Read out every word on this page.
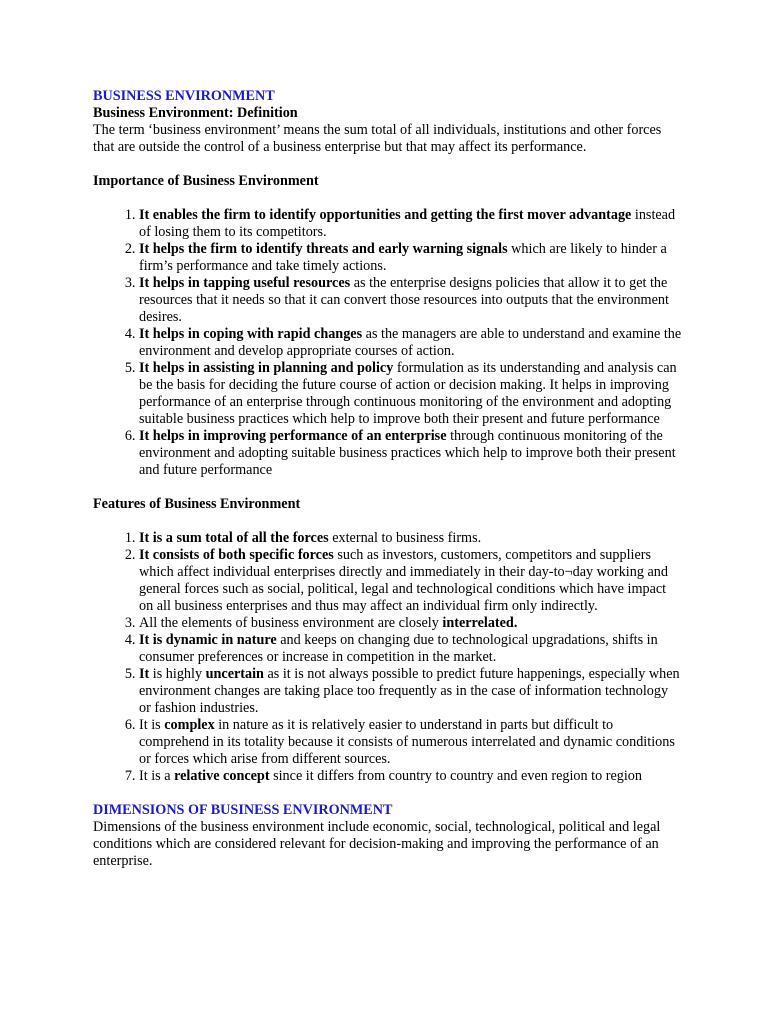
BUSINESS ENVIRONMENT

Business Environment: Definition

The term ‘business environment’ means the sum total of all individuals, institutions and other forces that are outside the control of a business enterprise but that may affect its performance.

Importance of Business Environment

1. It enables the firm to identify opportunities and getting the first mover advantage instead of losing them to its competitors.
2. It helps the firm to identify threats and early warning signals which are likely to hinder a firm’s performance and take timely actions.
3. It helps in tapping useful resources as the enterprise designs policies that allow it to get the resources that it needs so that it can convert those resources into outputs that the environment desires.
4. It helps in coping with rapid changes as the managers are able to understand and examine the environment and develop appropriate courses of action.
5. It helps in assisting in planning and policy formulation as its understanding and analysis can be the basis for deciding the future course of action or decision making. It helps in improving performance of an enterprise through continuous monitoring of the environment and adopting suitable business practices which help to improve both their present and future performance
6. It helps in improving performance of an enterprise through continuous monitoring of the environment and adopting suitable business practices which help to improve both their present and future performance

Features of Business Environment

1. It is a sum total of all the forces external to business firms.
2. It consists of both specific forces such as investors, customers, competitors and suppliers which affect individual enterprises directly and immediately in their day-to¬day working and general forces such as social, political, legal and technological conditions which have impact on all business enterprises and thus may affect an individual firm only indirectly.
3. All the elements of business environment are closely interrelated.
4. It is dynamic in nature and keeps on changing due to technological upgradations, shifts in consumer preferences or increase in competition in the market.
5. It is highly uncertain as it is not always possible to predict future happenings, especially when environment changes are taking place too frequently as in the case of information technology or fashion industries.
6. It is complex in nature as it is relatively easier to understand in parts but difficult to comprehend in its totality because it consists of numerous interrelated and dynamic conditions or forces which arise from different sources.
7. It is a relative concept since it differs from country to country and even region to region

DIMENSIONS OF BUSINESS ENVIRONMENT

Dimensions of the business environment include economic, social, technological, political and legal conditions which are considered relevant for decision-making and improving the performance of an enterprise.
